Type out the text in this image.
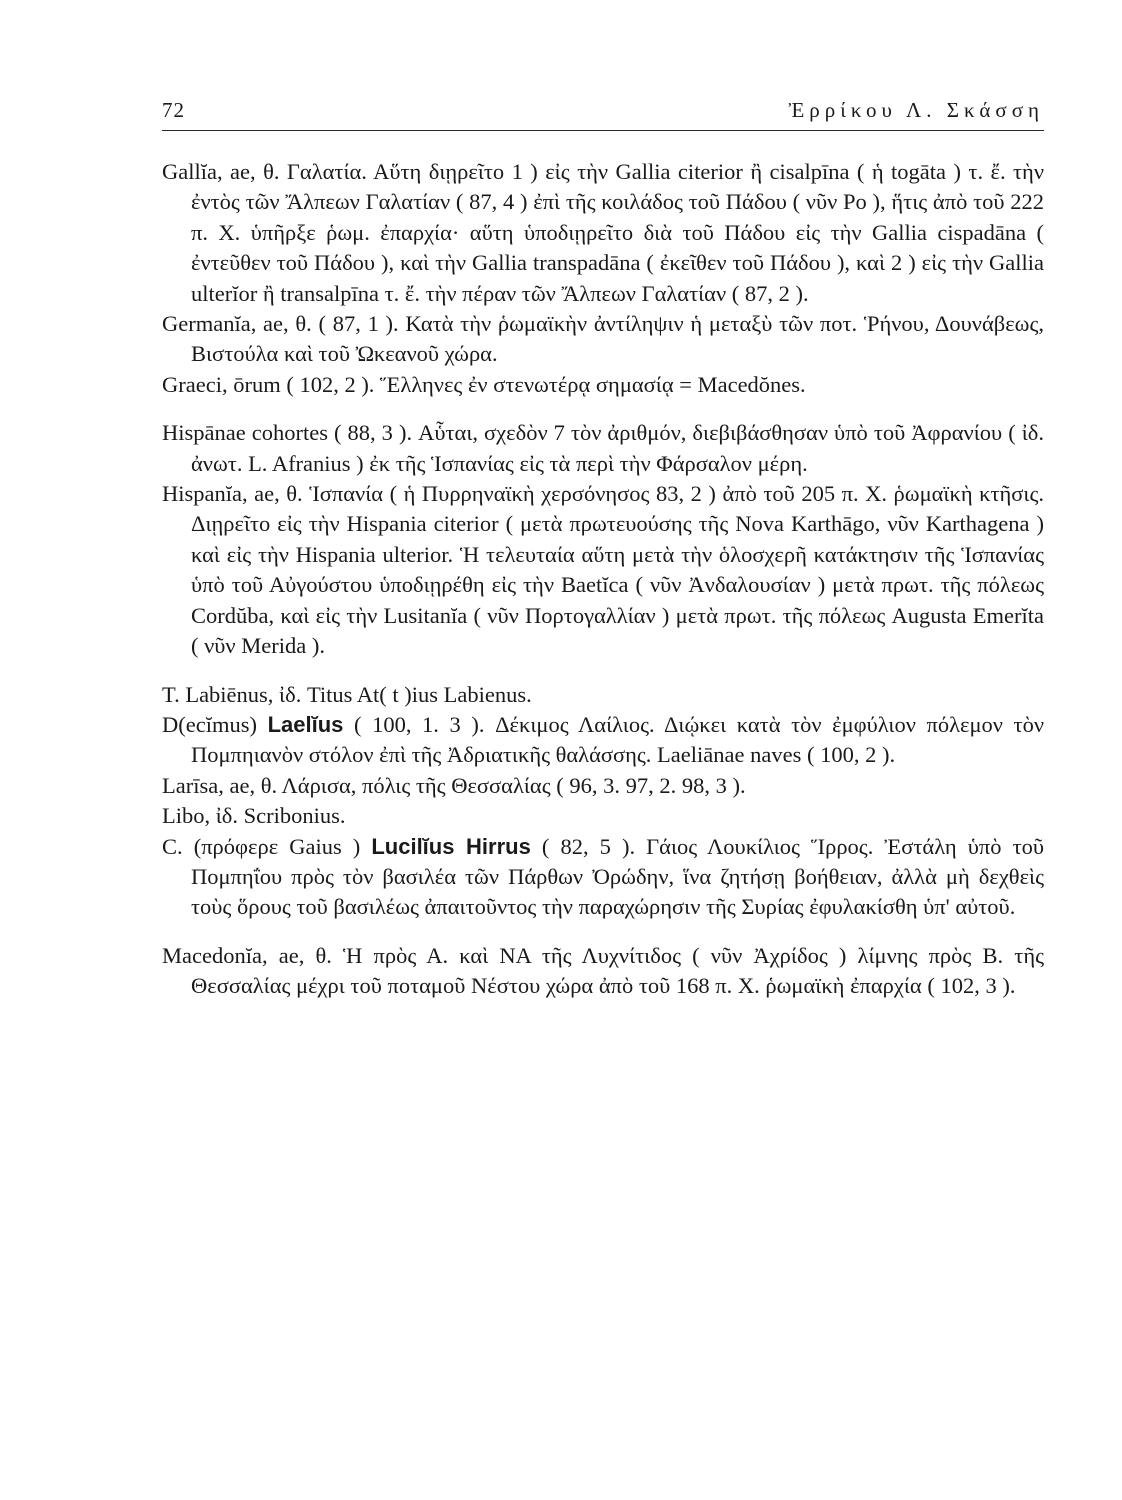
72	Ἐρρίκου Λ. Σκάσση

Gallĭa, ae, θ. Γαλατία. Αὕτη διῃρεῖτο 1 ) εἰς τὴν Gallia citerior ἢ cisalpīna ( ἡ togāta ) τ. ἔ. τὴν ἐντὸς τῶν Ἄλπεων Γαλατίαν ( 87, 4 ) ἐπὶ τῆς κοιλάδος τοῦ Πάδου ( νῦν Po ), ἥτις ἀπὸ τοῦ 222 π. Χ. ὑπῆρξε ῥωμ. ἐπαρχία· αὕτη ὑποδιῃρεῖτο διὰ τοῦ Πάδου εἰς τὴν Gallia cispadāna ( ἐντεῦθεν τοῦ Πάδου ), καὶ τὴν Gallia transpadāna ( ἐκεῖθεν τοῦ Πάδου ), καὶ 2 ) εἰς τὴν Gallia ulterĭor ἢ transalpīna τ. ἔ. τὴν πέραν τῶν Ἄλπεων Γαλατίαν ( 87, 2 ).

Germanĭa, ae, θ. ( 87, 1 ). Κατὰ τὴν ῥωμαϊκὴν ἀντίληψιν ἡ μεταξὺ τῶν ποτ. Ῥήνου, Δουνάβεως, Βιστούλα καὶ τοῦ Ὠκεανοῦ χώρα.

Graeci, ōrum ( 102, 2 ). Ἕλληνες ἐν στενωτέρᾳ σημασίᾳ = Macedŏnes.

Hispānae cohortes ( 88, 3 ). Αὗται, σχεδὸν 7 τὸν ἀριθμόν, διεβιβάσθησαν ὑπὸ τοῦ Ἀφρανίου ( ἰδ. ἀνωτ. L. Afranius ) ἐκ τῆς Ἱσπανίας εἰς τὰ περὶ τὴν Φάρσαλον μέρη.

Hispanĭa, ae, θ. Ἱσπανία ( ἡ Πυρρηναϊκὴ χερσόνησος 83, 2 ) ἀπὸ τοῦ 205 π. Χ. ῥωμαϊκὴ κτῆσις. Διῃρεῖτο εἰς τὴν Hispania citerior ( μετὰ πρωτευούσης τῆς Nova Karthāgo, νῦν Karthagena ) καὶ εἰς τὴν Hispania ulterior. Ἡ τελευταία αὕτη μετὰ τὴν ὁλοσχερῆ κατάκτησιν τῆς Ἱσπανίας ὑπὸ τοῦ Αὐγούστου ὑποδιῃρέθη εἰς τὴν Baetĭca ( νῦν Ἀνδαλουσίαν ) μετὰ πρωτ. τῆς πόλεως Cordŭba, καὶ εἰς τὴν Lusitanĭa ( νῦν Πορτογαλλίαν ) μετὰ πρωτ. τῆς πόλεως Augusta Emerĭta ( νῦν Merida ).

T. Labiēnus, ἰδ. Titus At( t )ius Labienus.

D(ecĭmus) Laelĭus ( 100, 1. 3 ). Δέκιμος Λαίλιος. Διῴκει κατὰ τὸν ἐμφύλιον πόλεμον τὸν Πομπηιανὸν στόλον ἐπὶ τῆς Ἀδριατικῆς θαλάσσης. Laeliānae naves ( 100, 2 ).

Larīsa, ae, θ. Λάρισα, πόλις τῆς Θεσσαλίας ( 96, 3. 97, 2. 98, 3 ).

Libo, ἰδ. Scribonius.

C. (πρόφερε Gaius ) Lucilĭus Hirrus ( 82, 5 ). Γάιος Λουκίλιος Ἵρρος. Ἐστάλη ὑπὸ τοῦ Πομπηΐου πρὸς τὸν βασιλέα τῶν Πάρθων Ὀρώδην, ἵνα ζητήσῃ βοήθειαν, ἀλλὰ μὴ δεχθεὶς τοὺς ὅρους τοῦ βασιλέως ἀπαιτοῦντος τὴν παραχώρησιν τῆς Συρίας ἐφυλακίσθη ὑπ' αὐτοῦ.

Macedonĭa, ae, θ. Ἡ πρὸς Α. καὶ ΝΑ τῆς Λυχνίτιδος ( νῦν Ἀχρίδος ) λίμνης πρὸς Β. τῆς Θεσσαλίας μέχρι τοῦ ποταμοῦ Νέστου χώρα ἀπὸ τοῦ 168 π. Χ. ῥωμαϊκὴ ἐπαρχία ( 102, 3 ).
